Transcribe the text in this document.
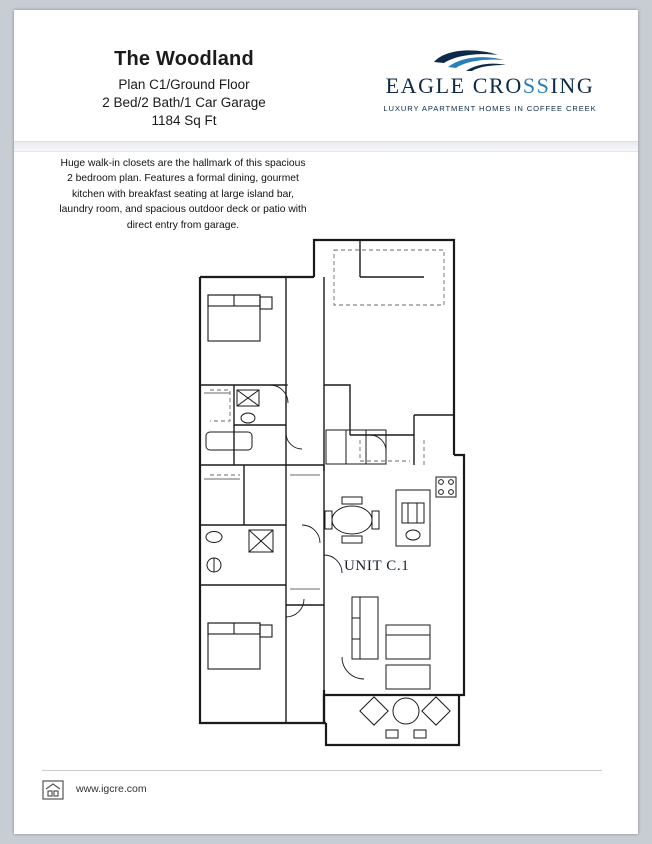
The Woodland
Plan C1/Ground Floor
2 Bed/2 Bath/1 Car Garage
1184 Sq Ft
EAGLE CROSSING
LUXURY APARTMENT HOMES IN COFFEE CREEK
Huge walk-in closets are the hallmark of this spacious 2 bedroom plan. Features a formal dining, gourmet kitchen with breakfast seating at large island bar, laundry room, and spacious outdoor deck or patio with direct entry from garage.
UNIT C.1
www.igcre.com
